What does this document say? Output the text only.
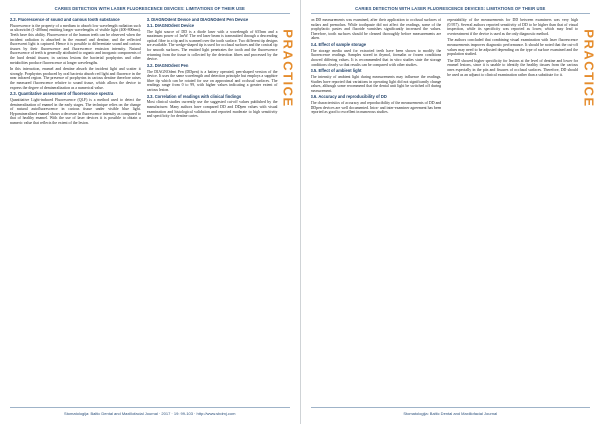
CARIES DETECTION WITH LASER FLUORESCENCE DEVICES: LIMITATIONS OF THEIR USE
2.2. Fluorescence of sound and carious tooth substance

Fluorescence is the property of a medium to absorb low wavelength radiation such as ultraviolet (1-400nm) emitting longer wavelengths of visible light (400-800nm). Teeth have this ability. Fluorescence of the human teeth can be observed when the incident radiation is absorbed in the enamel and dentine, and the reflected fluorescent light is captured. Hence it is possible to differentiate sound and carious tissues by their fluorescence and fluorescence emission intensity. Natural fluorescence of teeth is generally attributed to organic and inorganic components of the hard dental tissues; in carious lesions the bacterial porphyrins and other metabolites produce fluorescence at longer wavelengths.

In this interaction, enamel and dentine absorb the incident light and scatter it strongly. Porphyrins produced by oral bacteria absorb red light and fluoresce in the near infrared region. The presence of porphyrins in carious dentine therefore raises the measured fluorescence relative to sound tissue, which allows the device to express the degree of demineralization as a numerical value.

2.3. Quantitative assessment of fluorescence spectra

Quantitative Light-induced Fluorescence (QLF) is a method used to detect the demineralization of enamel in the early stages. The technique relies on the change of natural autofluorescence in carious tissue under visible blue light. Hypomineralized enamel shows a decrease in fluorescence intensity as compared to that of healthy enamel. With the use of laser devices it is possible to obtain a numeric value that reflects the extent of the lesion.

3. DIAGNOdent Device and DIAGNOdent Pen Device
3.1. DIAGNOdent Device

The light source of DD is a diode laser with a wavelength of 655nm and a maximum power of 1mW. The red laser beam is transmitted through a descending optical fibre to a tip and is scanned over the tooth surface. Two different tip designs are available. The wedge-shaped tip is used for occlusal surfaces and the conical tip for smooth surfaces. The emitted light penetrates the tooth and the fluorescence returning from the tissue is collected by the detection fibres and processed by the device.

3.2. DIAGNOdent Pen

The DIAGNOdent Pen (DDpen) is a battery operated, pen-shaped version of the device. It uses the same wavelength and detection principle but employs a sapphire fibre tip which can be rotated for use on approximal and occlusal surfaces. The readings range from 0 to 99, with higher values indicating a greater extent of carious lesion.

3.3. Correlation of readings with clinical findings

Most clinical studies currently use the suggested cut-off values published by the manufacturer. Many authors have compared DD and DDpen values with visual examination and histological validation and reported moderate to high sensitivity and specificity for dentine caries.

PRACTICE
Stomatologija: Baltic Dental and Maxillofacial Journal · 2017 · 19: 99-103 · http://www.sbdmj.com
CARIES DETECTION WITH LASER FLUORESCENCE DEVICES: LIMITATIONS OF THEIR USE

on DD measurements was examined, after their application to occlusal surfaces of molars and premolars. While toothpaste did not affect the readings, some of the prophylactic pastes and fluoride varnishes significantly increased the values. Therefore, tooth surfaces should be cleaned thoroughly before measurements are taken.

3.4. Effect of sample storage

The storage media used for extracted teeth have been shown to modify the fluorescence readings. Samples stored in thymol, formalin or frozen conditions showed differing values. It is recommended that in vitro studies state the storage conditions clearly so that results can be compared with other studies.

3.5. Effect of ambient light

The intensity of ambient light during measurements may influence the readings. Studies have reported that variations in operating light did not significantly change values, although some recommend that the dental unit light be switched off during measurement.

3.6. Accuracy and reproducibility of DD

The characteristics of accuracy and reproducibility of the measurements of DD and DDpen devices are well documented. Intra- and inter-examiner agreement has been reported as good to excellent in numerous studies.

repeatability of the measurements for DD between examiners was very high (0.957). Several authors reported sensitivity of DD to be higher than that of visual inspection, while its specificity was reported as lower, which may lead to overtreatment if the device is used as the only diagnostic method.

The authors concluded that combining visual examination with laser fluorescence measurements improves diagnostic performance. It should be noted that the cut-off values may need to be adjusted depending on the type of surface examined and the population studied.

The DD showed higher specificity for lesions at the level of dentine and lower for enamel lesions, since it is unable to identify the healthy tissues from the carious ones especially in the pits and fissures of occlusal surfaces. Therefore, DD should be used as an adjunct to clinical examination rather than a substitute for it.	PRACTICE
Stomatologija: Baltic Dental and Maxillofacial Journal
